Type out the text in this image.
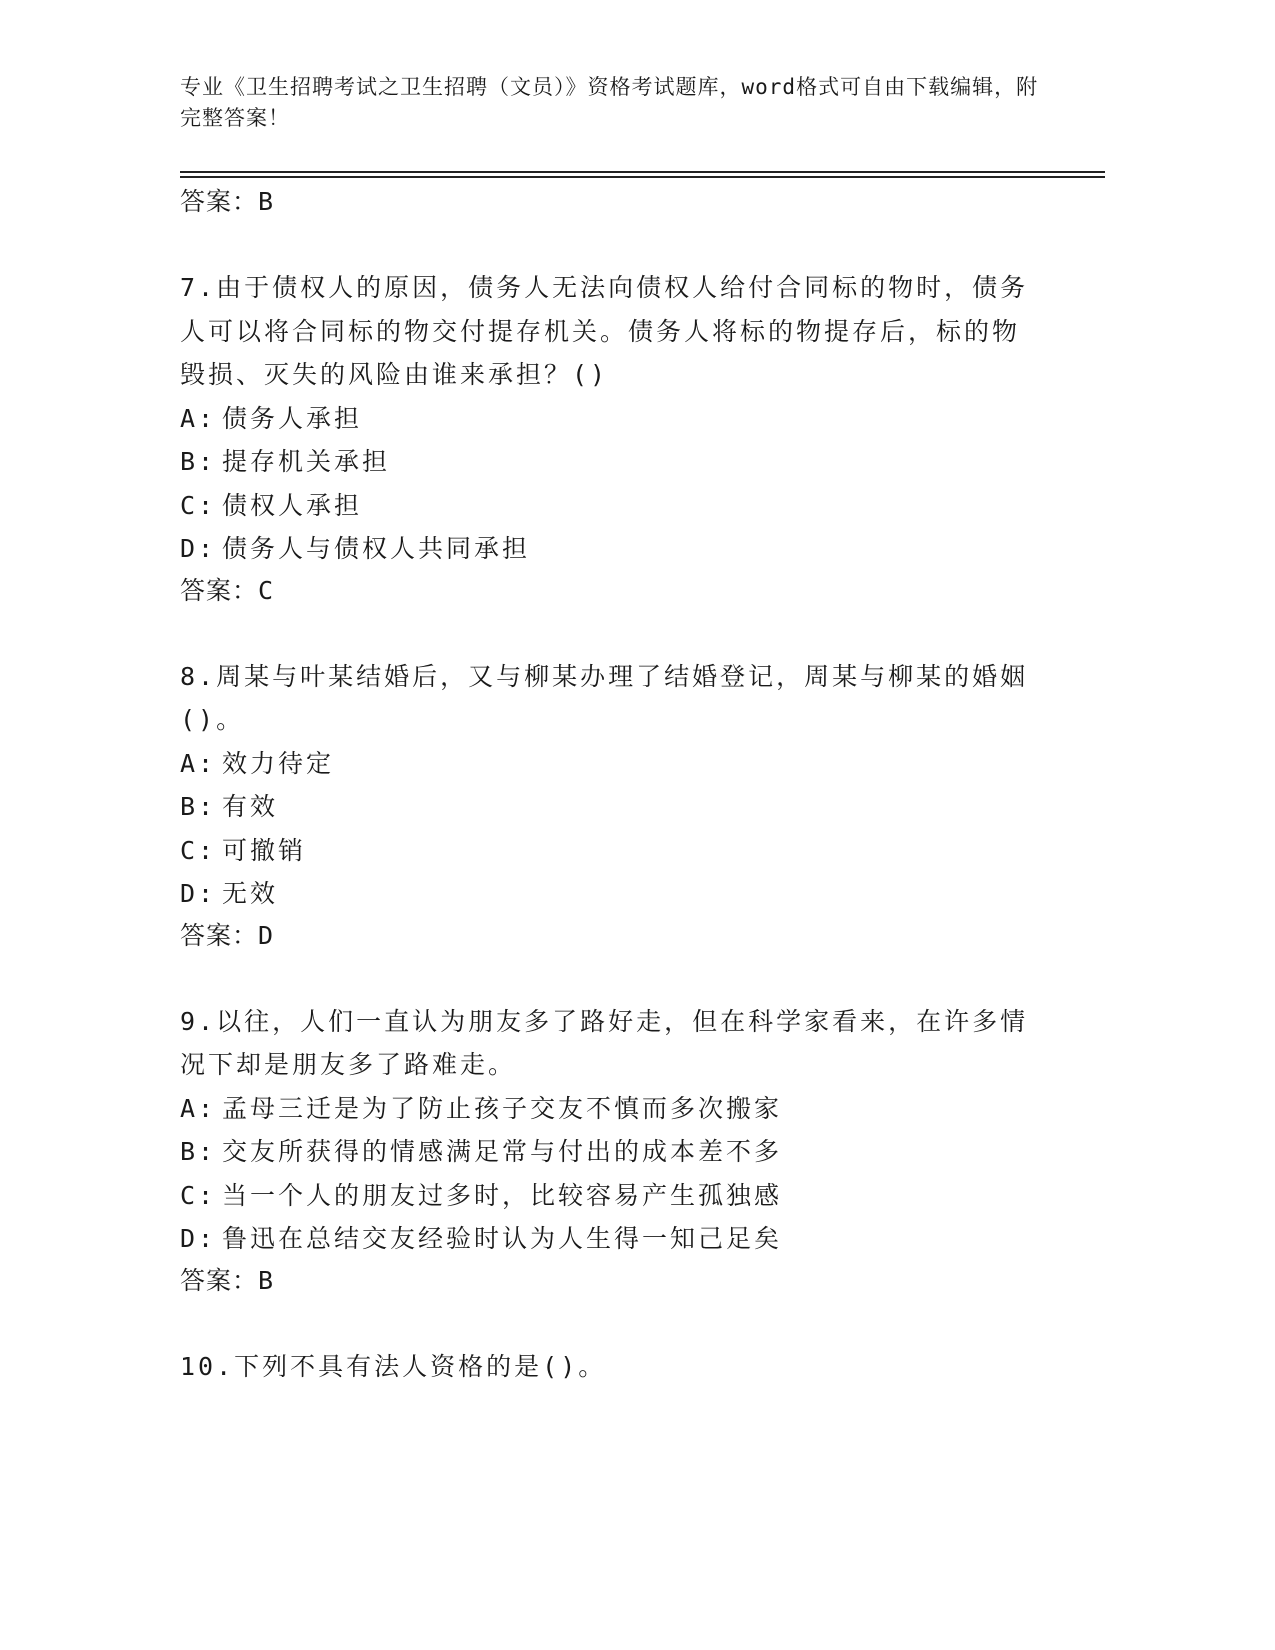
专业《卫生招聘考试之卫生招聘（文员）》资格考试题库，word格式可自由下载编辑，附完整答案！

答案：B

7.由于债权人的原因，债务人无法向债权人给付合同标的物时，债务人可以将合同标的物交付提存机关。债务人将标的物提存后，标的物毁损、灭失的风险由谁来承担？()

A: 债务人承担

B: 提存机关承担

C: 债权人承担

D: 债务人与债权人共同承担

答案：C

8.周某与叶某结婚后，又与柳某办理了结婚登记，周某与柳某的婚姻()。

A: 效力待定

B: 有效

C: 可撤销

D: 无效

答案：D

9.以往，人们一直认为朋友多了路好走，但在科学家看来，在许多情况下却是朋友多了路难走。

A: 孟母三迁是为了防止孩子交友不慎而多次搬家

B: 交友所获得的情感满足常与付出的成本差不多

C: 当一个人的朋友过多时，比较容易产生孤独感

D: 鲁迅在总结交友经验时认为人生得一知己足矣

答案：B

10.下列不具有法人资格的是()。
